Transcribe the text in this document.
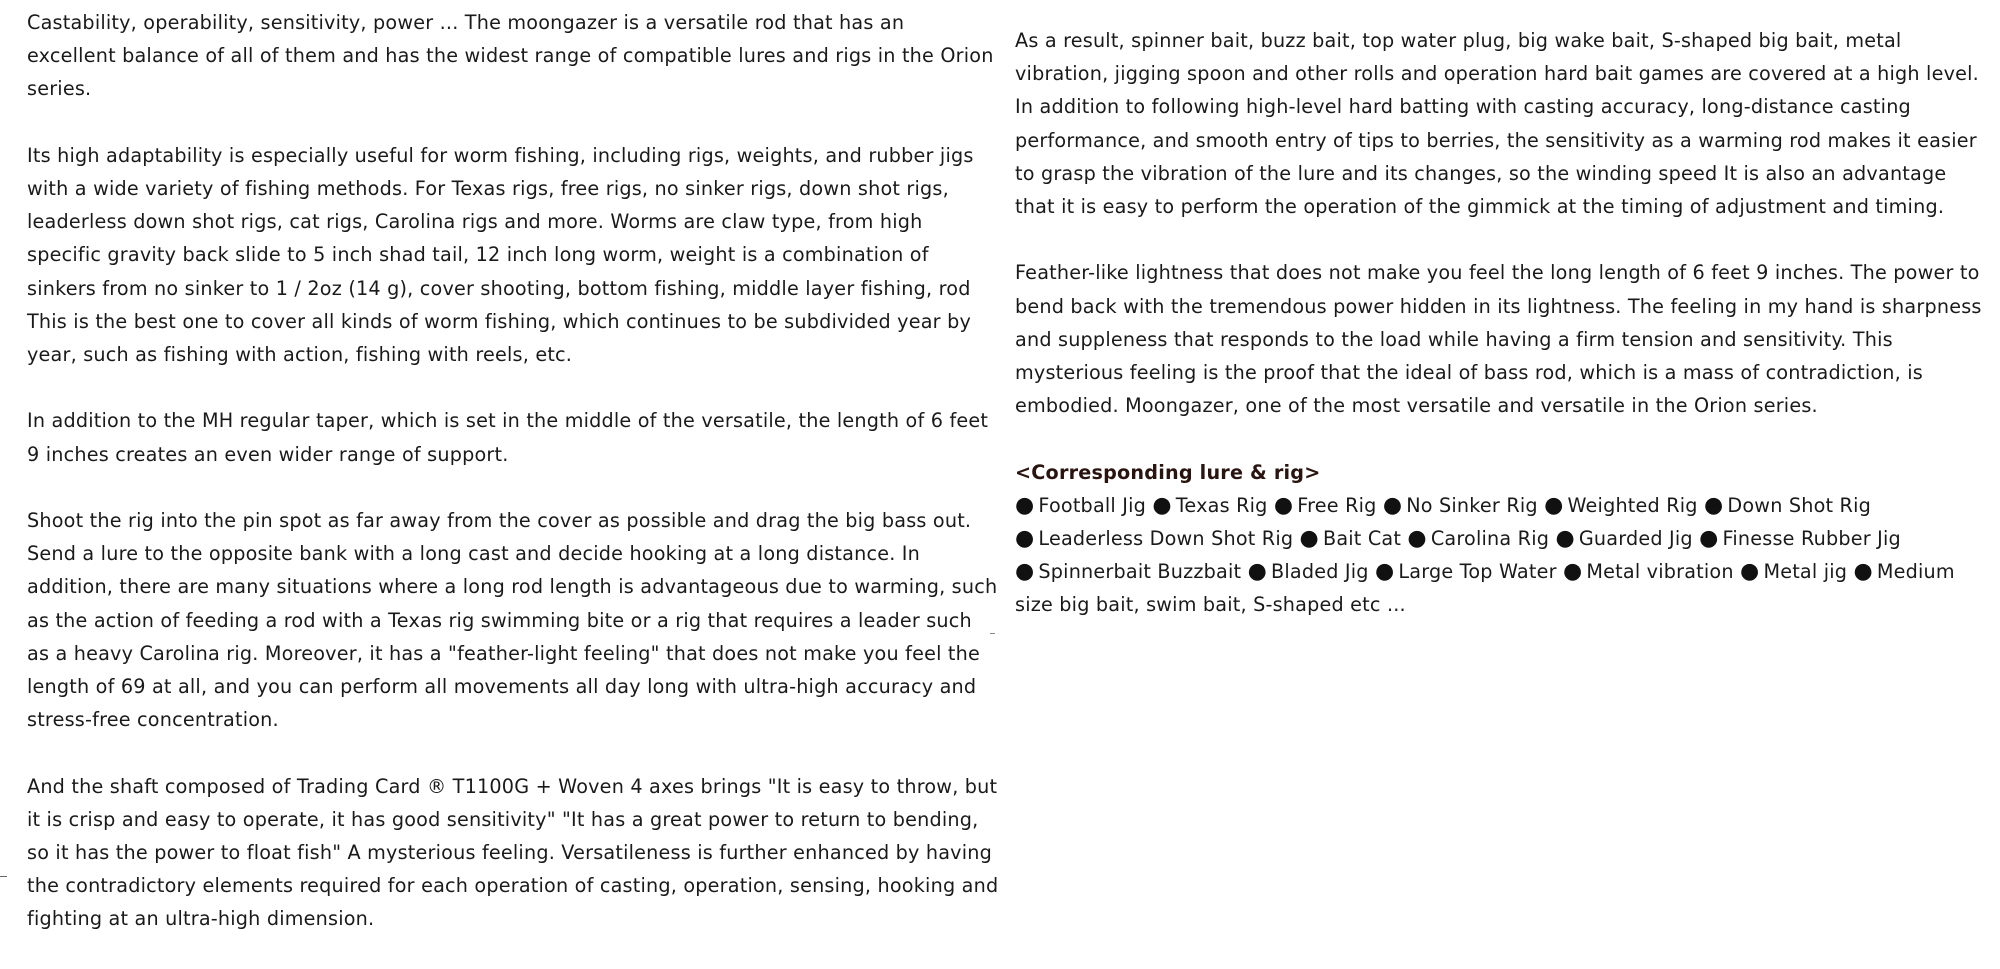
Castability, operability, sensitivity, power ... The moongazer is a versatile rod that has an excellent balance of all of them and has the widest range of compatible lures and rigs in the Orion series.

Its high adaptability is especially useful for worm fishing, including rigs, weights, and rubber jigs with a wide variety of fishing methods. For Texas rigs, free rigs, no sinker rigs, down shot rigs, leaderless down shot rigs, cat rigs, Carolina rigs and more. Worms are claw type, from high specific gravity back slide to 5 inch shad tail, 12 inch long worm, weight is a combination of sinkers from no sinker to 1 / 2oz (14 g), cover shooting, bottom fishing, middle layer fishing, rod This is the best one to cover all kinds of worm fishing, which continues to be subdivided year by year, such as fishing with action, fishing with reels, etc.

In addition to the MH regular taper, which is set in the middle of the versatile, the length of 6 feet 9 inches creates an even wider range of support.

Shoot the rig into the pin spot as far away from the cover as possible and drag the big bass out. Send a lure to the opposite bank with a long cast and decide hooking at a long distance. In addition, there are many situations where a long rod length is advantageous due to warming, such as the action of feeding a rod with a Texas rig swimming bite or a rig that requires a leader such as a heavy Carolina rig. Moreover, it has a "feather-light feeling" that does not make you feel the length of 69 at all, and you can perform all movements all day long with ultra-high accuracy and stress-free concentration.

And the shaft composed of Trading Card ® T1100G + Woven 4 axes brings "It is easy to throw, but it is crisp and easy to operate, it has good sensitivity" "It has a great power to return to bending, so it has the power to float fish" A mysterious feeling. Versatileness is further enhanced by having the contradictory elements required for each operation of casting, operation, sensing, hooking and fighting at an ultra-high dimension.

As a result, spinner bait, buzz bait, top water plug, big wake bait, S-shaped big bait, metal vibration, jigging spoon and other rolls and operation hard bait games are covered at a high level. In addition to following high-level hard batting with casting accuracy, long-distance casting performance, and smooth entry of tips to berries, the sensitivity as a warming rod makes it easier to grasp the vibration of the lure and its changes, so the winding speed It is also an advantage that it is easy to perform the operation of the gimmick at the timing of adjustment and timing.

Feather-like lightness that does not make you feel the long length of 6 feet 9 inches. The power to bend back with the tremendous power hidden in its lightness. The feeling in my hand is sharpness and suppleness that responds to the load while having a firm tension and sensitivity. This mysterious feeling is the proof that the ideal of bass rod, which is a mass of contradiction, is embodied. Moongazer, one of the most versatile and versatile in the Orion series.

<Corresponding lure & rig>
● Football Jig ● Texas Rig ● Free Rig ● No Sinker Rig ● Weighted Rig ● Down Shot Rig ● Leaderless Down Shot Rig ● Bait Cat ● Carolina Rig ● Guarded Jig ● Finesse Rubber Jig ● Spinnerbait Buzzbait ● Bladed Jig ● Large Top Water ● Metal vibration ● Metal jig ● Medium size big bait, swim bait, S-shaped etc ...
